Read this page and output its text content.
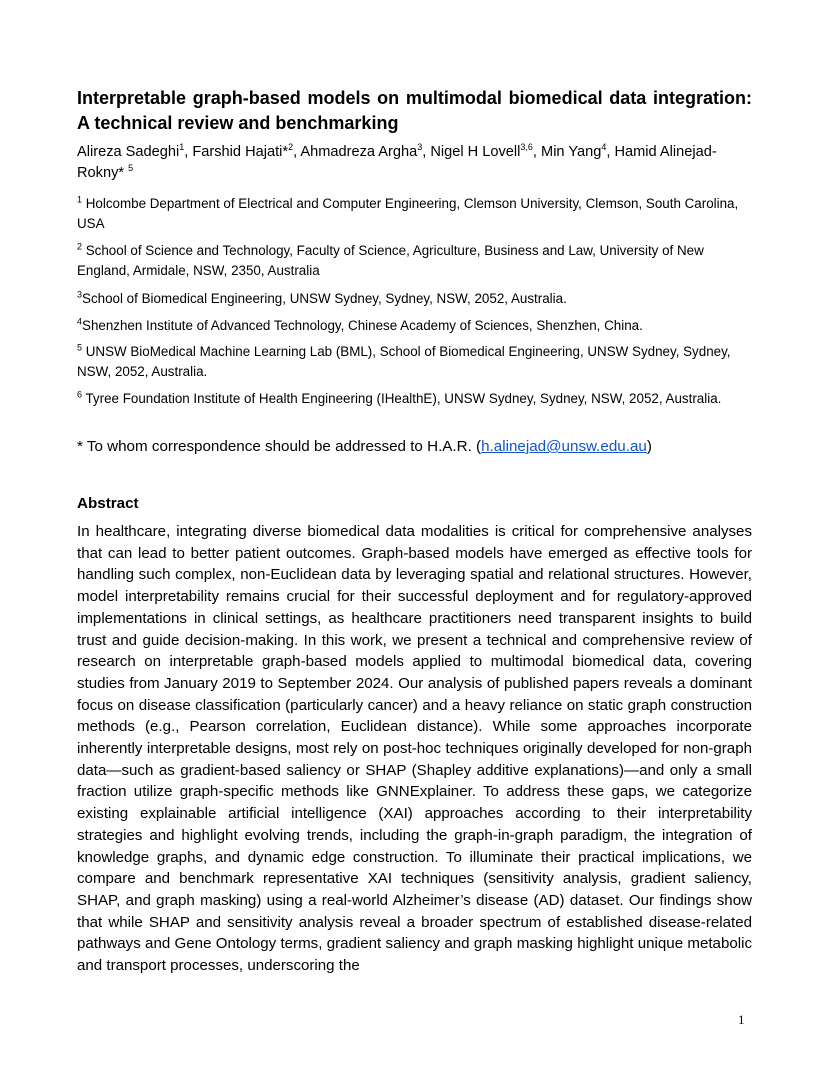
Interpretable graph-based models on multimodal biomedical data integration: A technical review and benchmarking
Alireza Sadeghi$^1$, Farshid Hajati*$^2$, Ahmadreza Argha$^3$, Nigel H Lovell$^{3,6}$, Min Yang$^4$, Hamid Alinejad-Rokny* $^5$
$^1$ Holcombe Department of Electrical and Computer Engineering, Clemson University, Clemson, South Carolina, USA
$^2$ School of Science and Technology, Faculty of Science, Agriculture, Business and Law, University of New England, Armidale, NSW, 2350, Australia
$^3$School of Biomedical Engineering, UNSW Sydney, Sydney, NSW, 2052, Australia.
$^4$Shenzhen Institute of Advanced Technology, Chinese Academy of Sciences, Shenzhen, China.
$^5$ UNSW BioMedical Machine Learning Lab (BML), School of Biomedical Engineering, UNSW Sydney, Sydney, NSW, 2052, Australia.
$^6$ Tyree Foundation Institute of Health Engineering (IHealthE), UNSW Sydney, Sydney, NSW, 2052, Australia.
* To whom correspondence should be addressed to H.A.R. (h.alinejad@unsw.edu.au)
Abstract
In healthcare, integrating diverse biomedical data modalities is critical for comprehensive analyses that can lead to better patient outcomes. Graph-based models have emerged as effective tools for handling such complex, non-Euclidean data by leveraging spatial and relational structures. However, model interpretability remains crucial for their successful deployment and for regulatory-approved implementations in clinical settings, as healthcare practitioners need transparent insights to build trust and guide decision-making. In this work, we present a technical and comprehensive review of research on interpretable graph-based models applied to multimodal biomedical data, covering studies from January 2019 to September 2024. Our analysis of published papers reveals a dominant focus on disease classification (particularly cancer) and a heavy reliance on static graph construction methods (e.g., Pearson correlation, Euclidean distance). While some approaches incorporate inherently interpretable designs, most rely on post-hoc techniques originally developed for non-graph data—such as gradient-based saliency or SHAP (Shapley additive explanations)—and only a small fraction utilize graph-specific methods like GNNExplainer. To address these gaps, we categorize existing explainable artificial intelligence (XAI) approaches according to their interpretability strategies and highlight evolving trends, including the graph-in-graph paradigm, the integration of knowledge graphs, and dynamic edge construction. To illuminate their practical implications, we compare and benchmark representative XAI techniques (sensitivity analysis, gradient saliency, SHAP, and graph masking) using a real-world Alzheimer’s disease (AD) dataset. Our findings show that while SHAP and sensitivity analysis reveal a broader spectrum of established disease-related pathways and Gene Ontology terms, gradient saliency and graph masking highlight unique metabolic and transport processes, underscoring the
1
